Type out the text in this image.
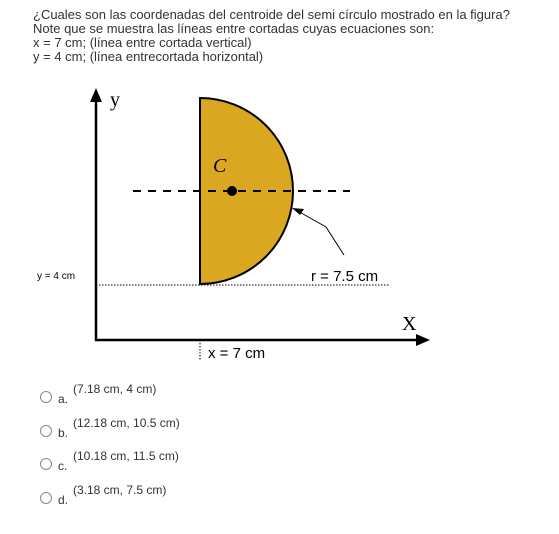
¿Cuales son las coordenadas del centroide del semi círculo mostrado en la figura?
Note que se muestra las líneas entre cortadas cuyas ecuaciones son:
x = 7 cm; (línea entre cortada vertical)
y = 4 cm; (línea entrecortada horizontal)
y
X
C
r = 7.5 cm
y = 4 cm
x = 7 cm
a.
(7.18 cm, 4 cm)
b.
(12.18 cm, 10.5 cm)
c.
(10.18 cm, 11.5 cm)
d.
(3.18 cm, 7.5 cm)
